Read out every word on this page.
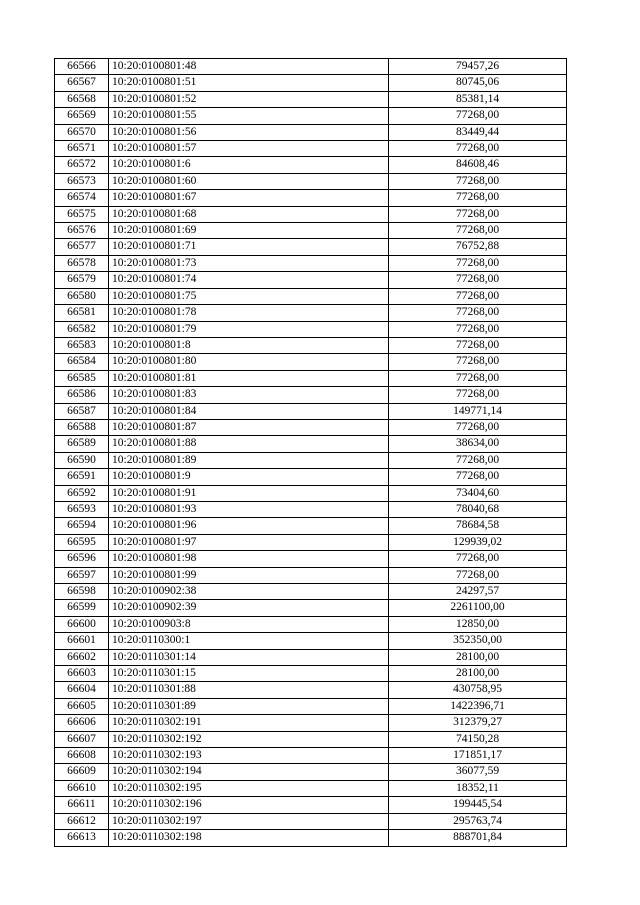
66566	10:20:0100801:48	79457,26
66567	10:20:0100801:51	80745,06
66568	10:20:0100801:52	85381,14
66569	10:20:0100801:55	77268,00
66570	10:20:0100801:56	83449,44
66571	10:20:0100801:57	77268,00
66572	10:20:0100801:6	84608,46
66573	10:20:0100801:60	77268,00
66574	10:20:0100801:67	77268,00
66575	10:20:0100801:68	77268,00
66576	10:20:0100801:69	77268,00
66577	10:20:0100801:71	76752,88
66578	10:20:0100801:73	77268,00
66579	10:20:0100801:74	77268,00
66580	10:20:0100801:75	77268,00
66581	10:20:0100801:78	77268,00
66582	10:20:0100801:79	77268,00
66583	10:20:0100801:8	77268,00
66584	10:20:0100801:80	77268,00
66585	10:20:0100801:81	77268,00
66586	10:20:0100801:83	77268,00
66587	10:20:0100801:84	149771,14
66588	10:20:0100801:87	77268,00
66589	10:20:0100801:88	38634,00
66590	10:20:0100801:89	77268,00
66591	10:20:0100801:9	77268,00
66592	10:20:0100801:91	73404,60
66593	10:20:0100801:93	78040,68
66594	10:20:0100801:96	78684,58
66595	10:20:0100801:97	129939,02
66596	10:20:0100801:98	77268,00
66597	10:20:0100801:99	77268,00
66598	10:20:0100902:38	24297,57
66599	10:20:0100902:39	2261100,00
66600	10:20:0100903:8	12850,00
66601	10:20:0110300:1	352350,00
66602	10:20:0110301:14	28100,00
66603	10:20:0110301:15	28100,00
66604	10:20:0110301:88	430758,95
66605	10:20:0110301:89	1422396,71
66606	10:20:0110302:191	312379,27
66607	10:20:0110302:192	74150,28
66608	10:20:0110302:193	171851,17
66609	10:20:0110302:194	36077,59
66610	10:20:0110302:195	18352,11
66611	10:20:0110302:196	199445,54
66612	10:20:0110302:197	295763,74
66613	10:20:0110302:198	888701,84
